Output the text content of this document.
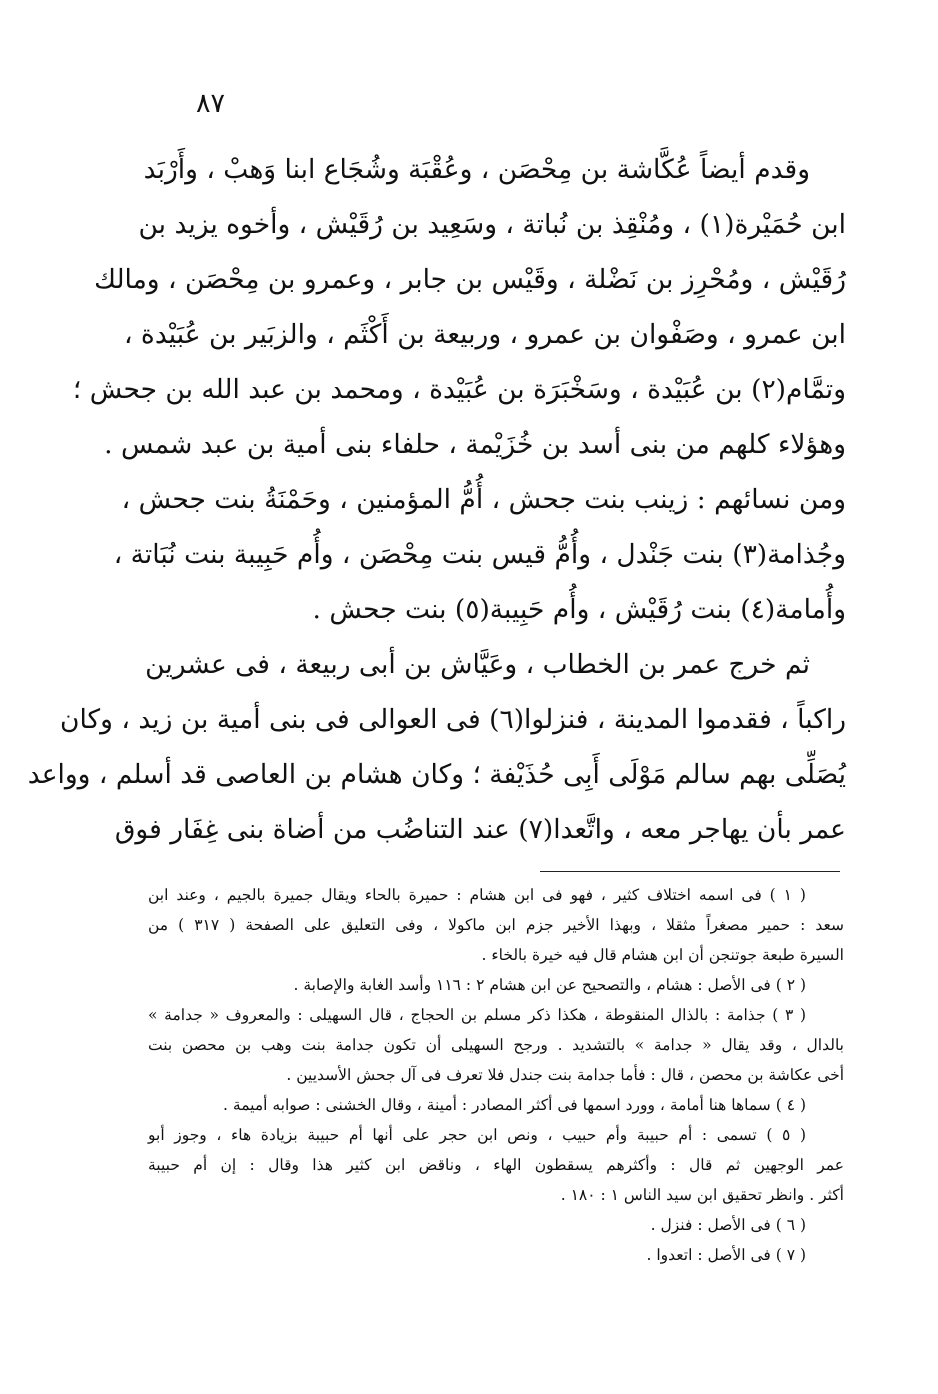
٨٧
وقدم أيضاً عُكَّاشة بن مِحْصَن ، وعُقْبَة وشُجَاع ابنا وَهبْ ، وأَرْبَد
ابن حُمَيْرة(١) ، ومُنْقِذ بن نُباتة ، وسَعِيد بن رُقَيْش ، وأخوه يزيد بن
رُقَيْش ، ومُحْرِز بن نَضْلة ، وقَيْس بن جابر ، وعمرو بن مِحْصَن ، ومالك
ابن عمرو ، وصَفْوان بن عمرو ، وربيعة بن أَكْثَم ، والزبَير بن عُبَيْدة ،
وتمَّام(٢) بن عُبَيْدة ، وسَخْبَرَة بن عُبَيْدة ، ومحمد بن عبد الله بن جحش ؛
وهؤلاء كلهم من بنى أسد بن خُزَيْمة ، حلفاء بنى أمية بن عبد شمس .
ومن نسائهم : زينب بنت جحش ، أُمُّ المؤمنين ، وحَمْنَةُ بنت جحش ،
وجُذامة(٣) بنت جَنْدل ، وأُمُّ قيس بنت مِحْصَن ، وأُم حَبِيبة بنت نُبَاتة ،
وأُمامة(٤) بنت رُقَيْش ، وأُم حَبِيبة(٥) بنت جحش .
ثم خرج عمر بن الخطاب ، وعَيَّاش بن أبى ربيعة ، فى عشرين
راكباً ، فقدموا المدينة ، فنزلوا(٦) فى العوالى فى بنى أمية بن زيد ، وكان
يُصَلِّى بهم سالم مَوْلَى أَبِى حُذَيْفة ؛ وكان هشام بن العاصى قد أسلم ، وواعد
عمر بأن يهاجر معه ، واتَّعدا(٧) عند التناضُب من أضاة بنى غِفَار فوق
( ١ ) فى اسمه اختلاف كثير ، فهو فى ابن هشام : حميرة بالحاء ويقال جميرة بالجيم ، وعند ابن
سعد : حمير مصغراً مثقلا ، وبهذا الأخير جزم ابن ماكولا ، وفى التعليق على الصفحة ( ٣١٧ ) من
السيرة طبعة جوتنجن أن ابن هشام قال فيه خيرة بالخاء .
( ٢ ) فى الأصل : هشام ، والتصحيح عن ابن هشام ٢ : ١١٦ وأسد الغابة والإصابة .
( ٣ ) جذامة : بالذال المنقوطة ، هكذا ذكر مسلم بن الحجاج ، قال السهيلى : والمعروف « جدامة »
بالدال ، وقد يقال « جدامة » بالتشديد . ورجح السهيلى أن تكون جدامة بنت وهب بن محصن بنت
أخى عكاشة بن محصن ، قال : فأما جدامة بنت جندل فلا تعرف فى آل جحش الأسديين .
( ٤ ) سماها هنا أمامة ، وورد اسمها فى أكثر المصادر : أمينة ، وقال الخشنى : صوابه أميمة .
( ٥ ) تسمى : أم حبيبة وأم حبيب ، ونص ابن حجر على أنها أم حبيبة بزيادة هاء ، وجوز أبو
عمر الوجهين ثم قال : وأكثرهم يسقطون الهاء ، وناقض ابن كثير هذا وقال : إن أم حبيبة
أكثر . وانظر تحقيق ابن سيد الناس ١ : ١٨٠ .
( ٦ ) فى الأصل : فنزل .
( ٧ ) فى الأصل : اتعدوا .
